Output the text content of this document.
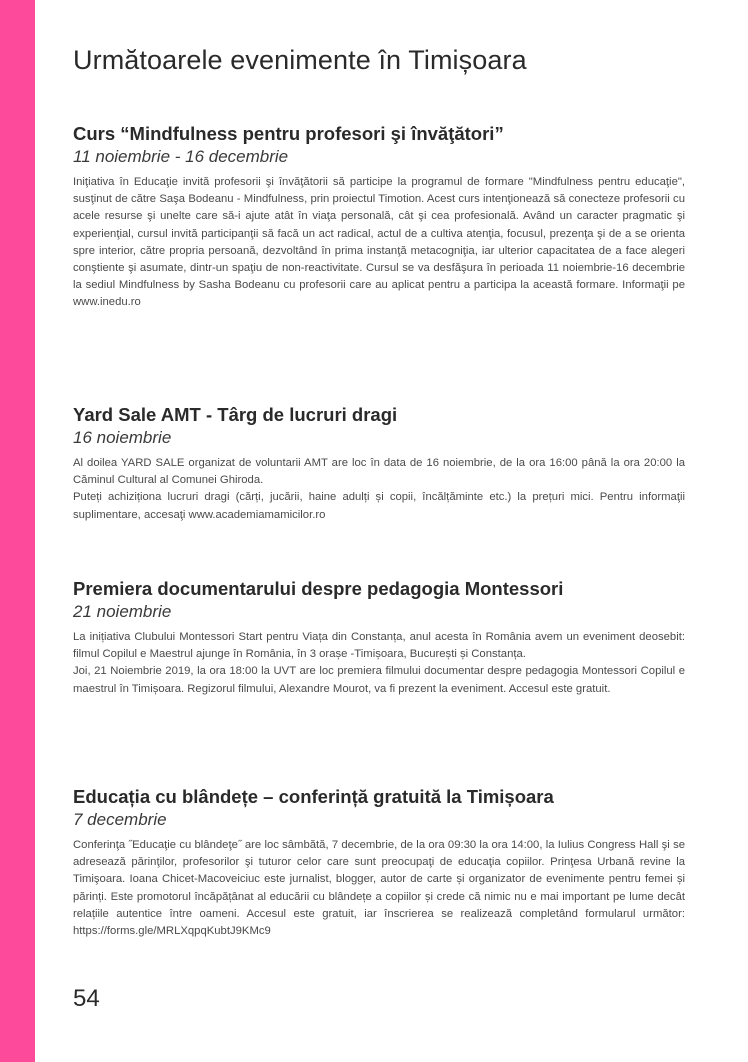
Următoarele evenimente în Timișoara
Curs “Mindfulness pentru profesori şi învăţători”
11 noiembrie - 16 decembrie

Iniţiativa în Educaţie invită profesorii şi învăţătorii să participe la programul de formare "Mindfulness pentru educaţie", susţinut de către Saşa Bodeanu - Mindfulness, prin proiectul Timotion. Acest curs intenţionează să conecteze profesorii cu acele resurse şi unelte care să-i ajute atât în viaţa personală, cât şi cea profesională. Având un caracter pragmatic şi experienţial, cursul invită participanţii să facă un act radical, actul de a cultiva atenţia, focusul, prezenţa şi de a se orienta spre interior, către propria persoană, dezvoltând în prima instanţă metacogniţia, iar ulterior capacitatea de a face alegeri conştiente şi asumate, dintr-un spaţiu de non-reactivitate. Cursul se va desfăşura în perioada 11 noiembrie-16 decembrie la sediul Mindfulness by Sasha Bodeanu cu profesorii care au aplicat pentru a participa la această formare. Informaţii pe www.inedu.ro

Yard Sale AMT - Târg de lucruri dragi
16 noiembrie

Al doilea YARD SALE organizat de voluntarii AMT are loc în data de 16 noiembrie, de la ora 16:00 până la ora 20:00 la Căminul Cultural al Comunei Ghiroda.

Puteți achiziționa lucruri dragi (cărți, jucării, haine adulți și copii, încălțăminte etc.) la prețuri mici. Pentru informaţii suplimentare, accesaţi www.academiamamicilor.ro

Premiera documentarului despre pedagogia Montessori
21 noiembrie

La inițiativa Clubului Montessori Start pentru Viața din Constanța, anul acesta în România avem un eveniment deosebit: filmul Copilul e Maestrul ajunge în România, în 3 orașe -Timișoara, București și Constanța.

Joi, 21 Noiembrie 2019, la ora 18:00 la UVT are loc premiera filmului documentar despre pedagogia Montessori Copilul e maestrul în Timișoara. Regizorul filmului, Alexandre Mourot, va fi prezent la eveniment. Accesul este gratuit.

Educația cu blândețe – conferință gratuită la Timișoara
7 decembrie

Conferinţa ˝Educaţie cu blândeţe˝ are loc sâmbătă, 7 decembrie, de la ora 09:30 la ora 14:00, la Iulius Congress Hall şi se adresează părinţilor, profesorilor şi tuturor celor care sunt preocupaţi de educaţia copiilor. Prinţesa Urbană revine la Timişoara. Ioana Chicet-Macoveiciuc este jurnalist, blogger, autor de carte și organizator de evenimente pentru femei și părinți. Este promotorul încăpățânat al educării cu blândețe a copiilor și crede că nimic nu e mai important pe lume decât relațiile autentice între oameni. Accesul este gratuit, iar înscrierea se realizează completând formularul următor: https://forms.gle/MRLXqpqKubtJ9KMc9

54
